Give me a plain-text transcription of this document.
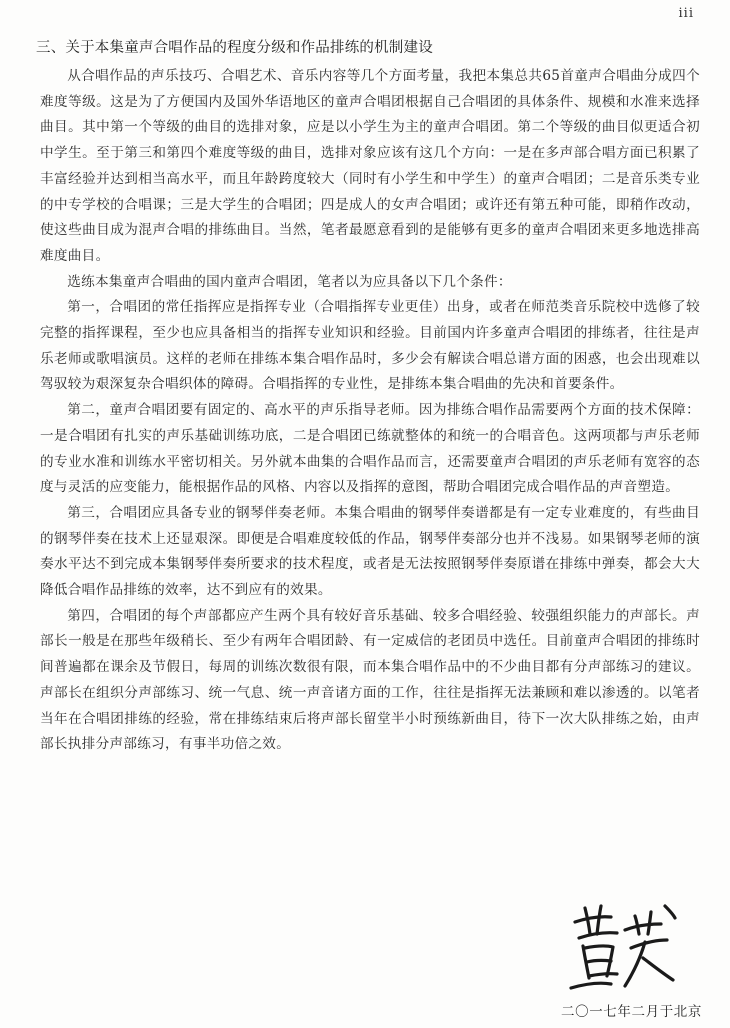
iii
三、关于本集童声合唱作品的程度分级和作品排练的机制建设

从合唱作品的声乐技巧、合唱艺术、音乐内容等几个方面考量，我把本集总共65首童声合唱曲分成四个难度等级。这是为了方便国内及国外华语地区的童声合唱团根据自己合唱团的具体条件、规模和水准来选择曲目。其中第一个等级的曲目的选排对象，应是以小学生为主的童声合唱团。第二个等级的曲目似更适合初中学生。至于第三和第四个难度等级的曲目，选排对象应该有这几个方向：一是在多声部合唱方面已积累了丰富经验并达到相当高水平，而且年龄跨度较大（同时有小学生和中学生）的童声合唱团；二是音乐类专业的中专学校的合唱课；三是大学生的合唱团；四是成人的女声合唱团；或许还有第五种可能，即稍作改动，使这些曲目成为混声合唱的排练曲目。当然，笔者最愿意看到的是能够有更多的童声合唱团来更多地选排高难度曲目。

选练本集童声合唱曲的国内童声合唱团，笔者以为应具备以下几个条件：

第一，合唱团的常任指挥应是指挥专业（合唱指挥专业更佳）出身，或者在师范类音乐院校中选修了较完整的指挥课程，至少也应具备相当的指挥专业知识和经验。目前国内许多童声合唱团的排练者，往往是声乐老师或歌唱演员。这样的老师在排练本集合唱作品时，多少会有解读合唱总谱方面的困惑，也会出现难以驾驭较为艰深复杂合唱织体的障碍。合唱指挥的专业性，是排练本集合唱曲的先决和首要条件。

第二，童声合唱团要有固定的、高水平的声乐指导老师。因为排练合唱作品需要两个方面的技术保障：一是合唱团有扎实的声乐基础训练功底，二是合唱团已练就整体的和统一的合唱音色。这两项都与声乐老师的专业水准和训练水平密切相关。另外就本曲集的合唱作品而言，还需要童声合唱团的声乐老师有宽容的态度与灵活的应变能力，能根据作品的风格、内容以及指挥的意图，帮助合唱团完成合唱作品的声音塑造。

第三，合唱团应具备专业的钢琴伴奏老师。本集合唱曲的钢琴伴奏谱都是有一定专业难度的，有些曲目的钢琴伴奏在技术上还显艰深。即便是合唱难度较低的作品，钢琴伴奏部分也并不浅易。如果钢琴老师的演奏水平达不到完成本集钢琴伴奏所要求的技术程度，或者是无法按照钢琴伴奏原谱在排练中弹奏，都会大大降低合唱作品排练的效率，达不到应有的效果。

第四，合唱团的每个声部都应产生两个具有较好音乐基础、较多合唱经验、较强组织能力的声部长。声部长一般是在那些年级稍长、至少有两年合唱团龄、有一定威信的老团员中选任。目前童声合唱团的排练时间普遍都在课余及节假日，每周的训练次数很有限，而本集合唱作品中的不少曲目都有分声部练习的建议。声部长在组织分声部练习、统一气息、统一声音诸方面的工作，往往是指挥无法兼顾和难以渗透的。以笔者当年在合唱团排练的经验，常在排练结束后将声部长留堂半小时预练新曲目，待下一次大队排练之始，由声部长执排分声部练习，有事半功倍之效。

二〇一七年二月于北京
